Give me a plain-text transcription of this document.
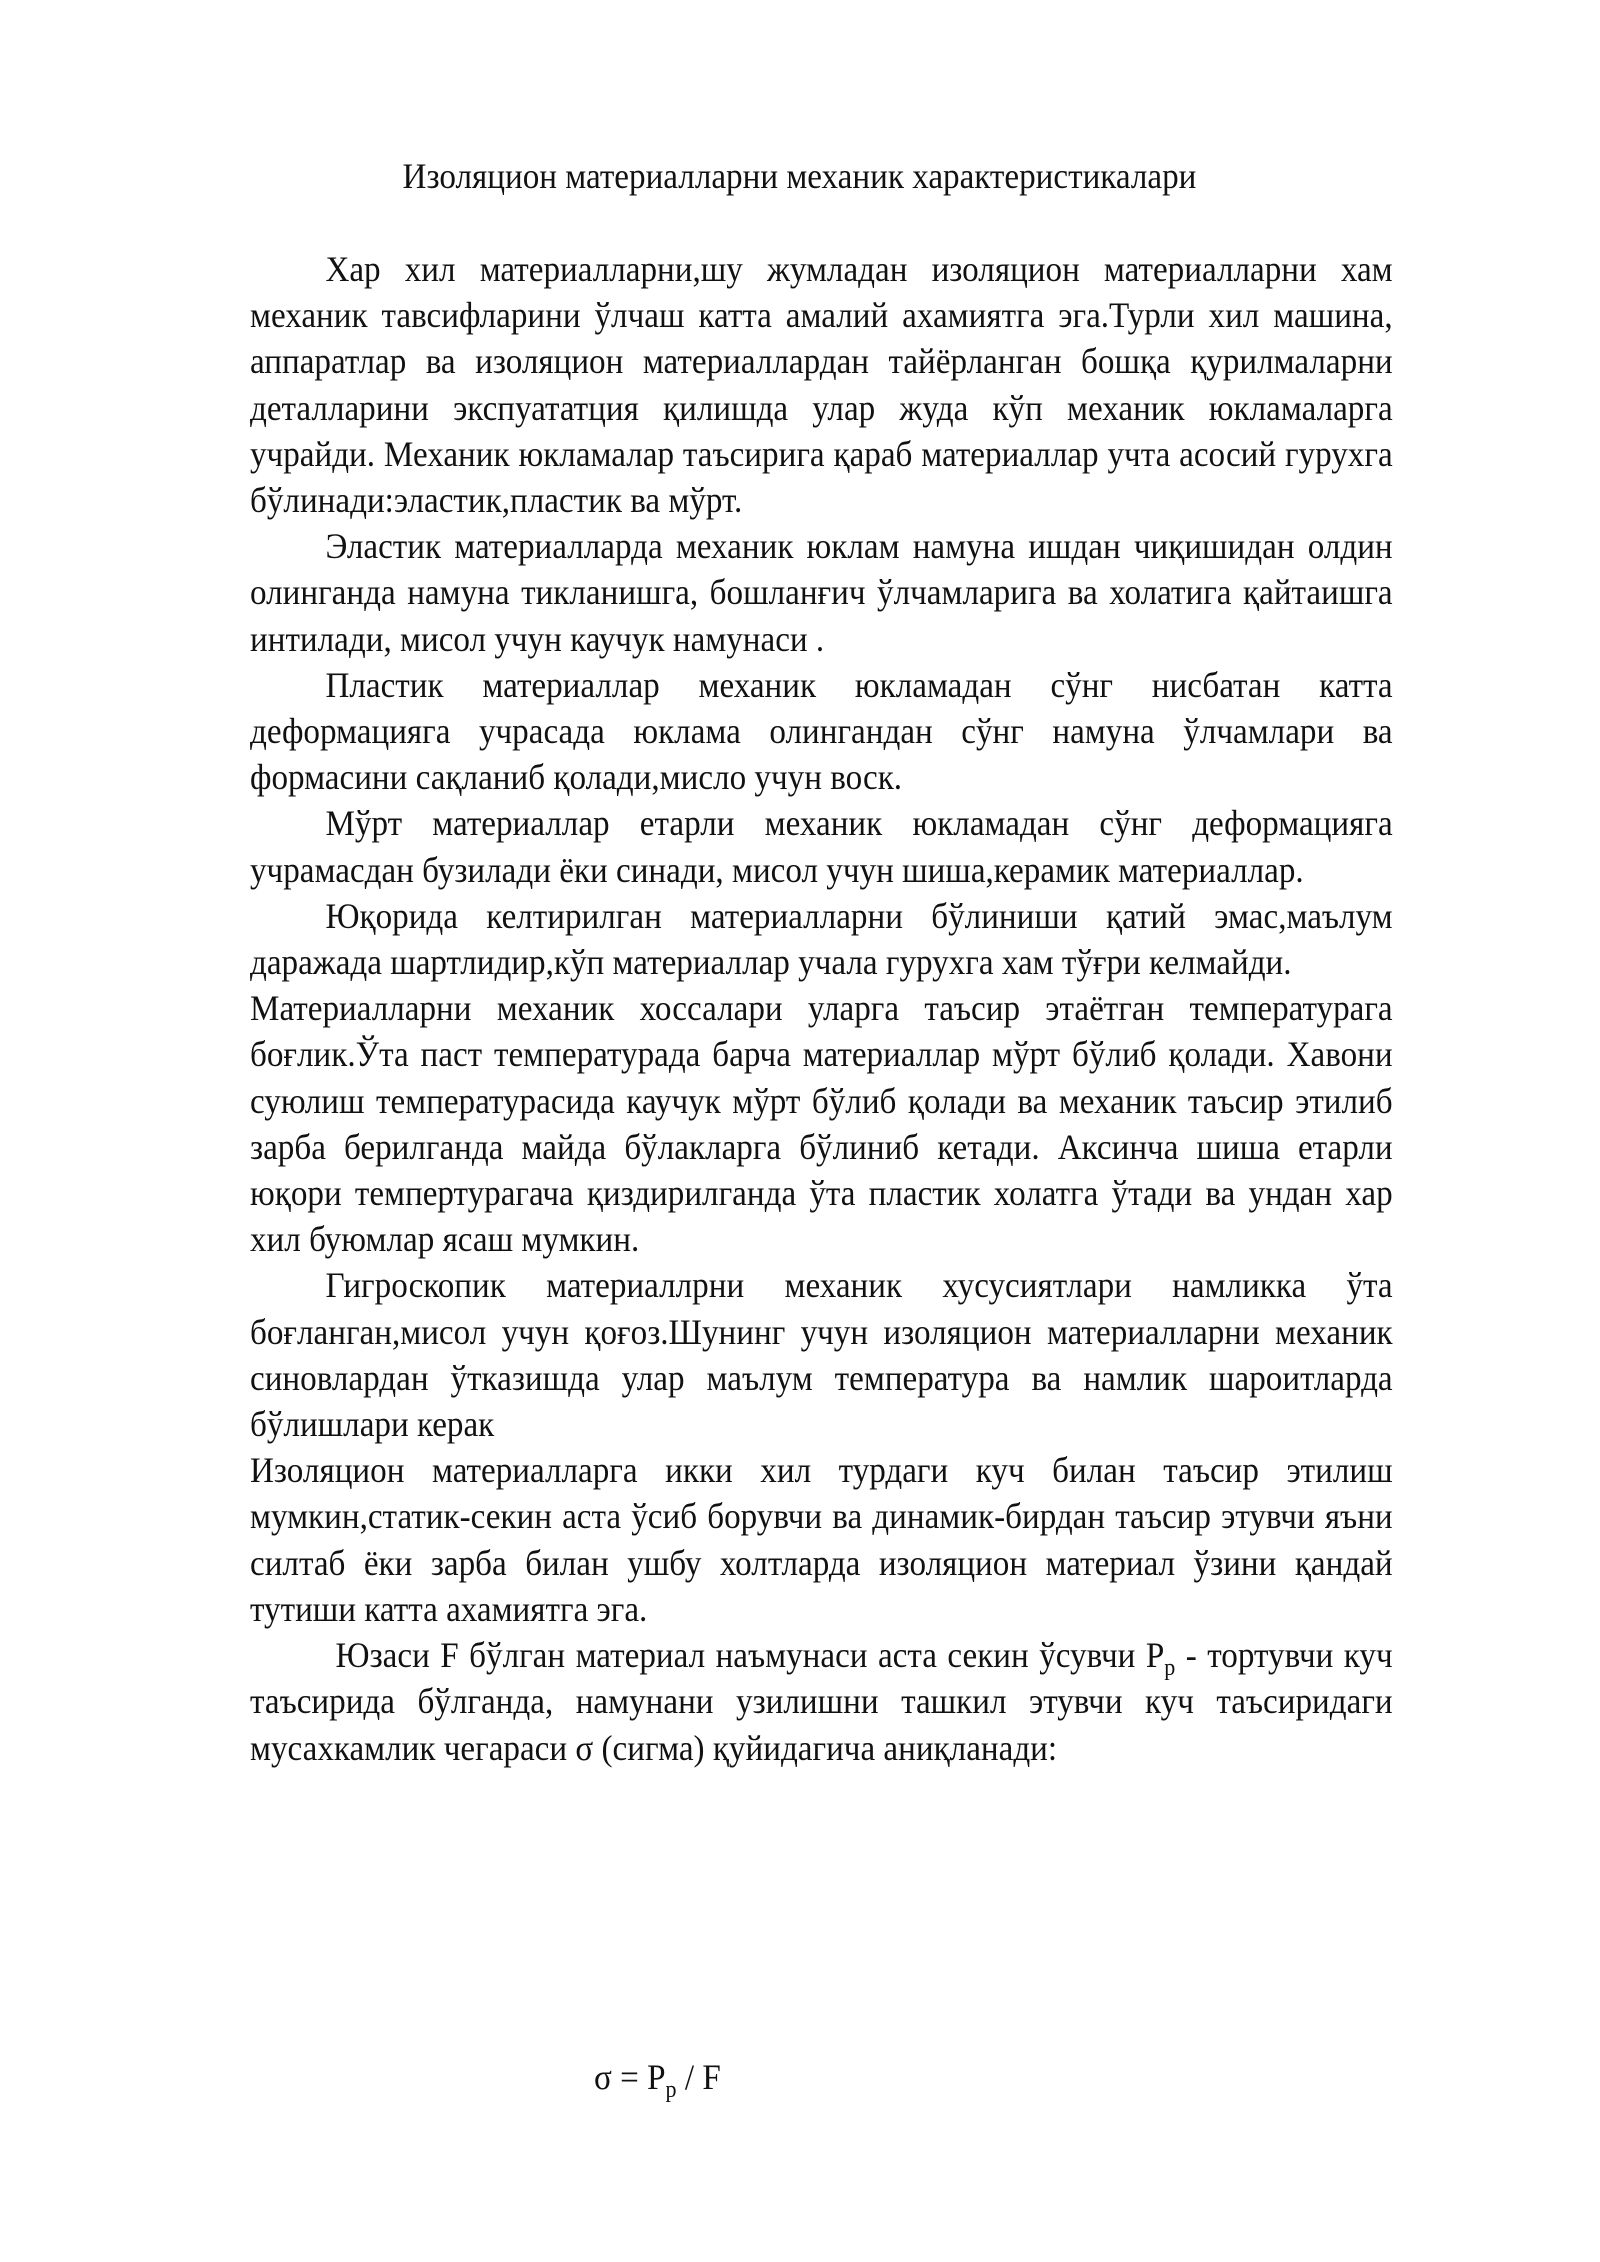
Изоляцион материалларни механик характеристикалари

Хар хил материалларни,шу жумладан изоляцион материалларни хам механик тавсифларини ўлчаш катта амалий ахамиятга эга.Турли хил машина, аппаратлар ва изоляцион материаллардан тайёрланган бошқа қурилмаларни деталларини экспуататция қилишда улар жуда кўп механик юкламаларга учрайди. Механик юкламалар таъсирига қараб материаллар учта асосий гурухга бўлинади:эластик,пластик ва мўрт.

Эластик материалларда механик юклам намуна ишдан чиқишидан олдин олинганда намуна тикланишга, бошланғич ўлчамларига ва холатига қайтаишга интилади, мисол учун каучук намунаси .

Пластик материаллар механик юкламадан сўнг нисбатан катта деформацияга учрасада юклама олингандан сўнг намуна ўлчамлари ва формасини сақланиб қолади,мисло учун воск.

Мўрт материаллар етарли механик юкламадан сўнг деформацияга учрамасдан бузилади ёки синади, мисол учун шиша,керамик материаллар.

Юқорида келтирилган материалларни бўлиниши қатий эмас,маълум даражада шартлидир,кўп материаллар учала гурухга хам тўғри келмайди.

Материалларни механик хоссалари уларга таъсир этаётган температурага боғлик.Ўта паст температурада барча материаллар мўрт бўлиб қолади. Хавони суюлиш температурасида каучук мўрт бўлиб қолади ва механик таъсир этилиб зарба берилганда майда бўлакларга бўлиниб кетади. Аксинча шиша етарли юқори темпертурагача қиздирилганда ўта пластик холатга ўтади ва ундан хар хил буюмлар ясаш мумкин.

Гигроскопик материаллрни механик хусусиятлари намликка ўта боғланган,мисол учун қоғоз.Шунинг учун изоляцион материалларни механик синовлардан ўтказишда улар маълум температура ва намлик шароитларда бўлишлари керак

Изоляцион материалларга икки хил турдаги куч билан таъсир этилиш мумкин,статик-секин аста ўсиб борувчи ва динамик-бирдан таъсир этувчи яъни силтаб ёки зарба билан ушбу холтларда изоляцион материал ўзини қандай тутиши катта ахамиятга эга.

Юзаси F бўлган материал наъмунаси аста секин ўсувчи $P_р$ - тортувчи куч таъсирида бўлганда, намунани узилишни ташкил этувчи куч таъсиридаги мусахкамлик чегараси σ (сигма) қуйидагича аниқланади:

$\sigma = P_р / F$
